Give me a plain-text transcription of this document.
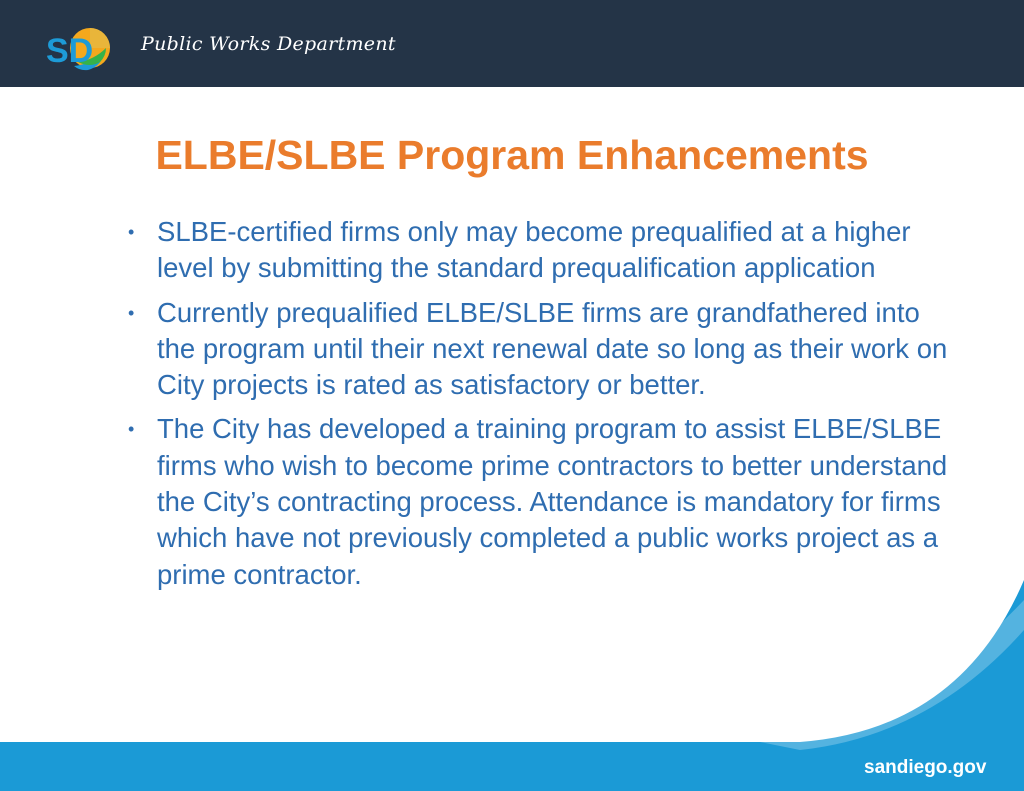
SD	Public Works Department
ELBE/SLBE Program Enhancements
• SLBE-certified firms only may become prequalified at a higher level by submitting the standard prequalification application
• Currently prequalified ELBE/SLBE firms are grandfathered into the program until their next renewal date so long as their work on City projects is rated as satisfactory or better.
• The City has developed a training program to assist ELBE/SLBE firms who wish to become prime contractors to better understand the City’s contracting process. Attendance is mandatory for firms which have not previously completed a public works project as a prime contractor.
sandiego.gov
